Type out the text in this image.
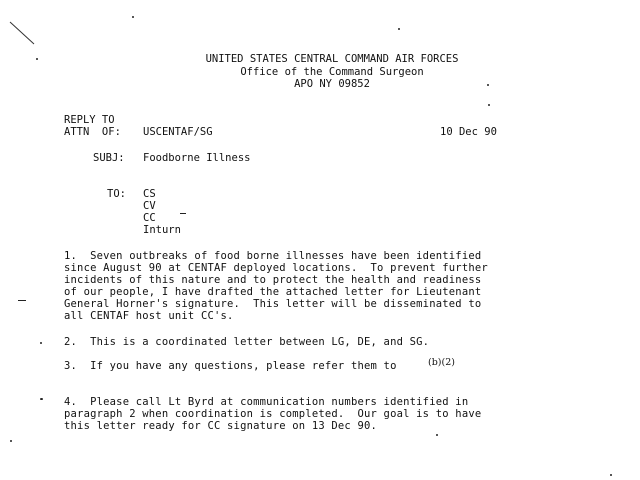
UNITED STATES CENTRAL COMMAND AIR FORCES
Office of the Command Surgeon
APO NY 09852
REPLY TO
ATTN  OF: USCENTAF/SG	10 Dec 90
SUBJ: Foodborne Illness
TO: CS
CV
CC
Inturn
1.  Seven outbreaks of food borne illnesses have been identified
since August 90 at CENTAF deployed locations.  To prevent further
incidents of this nature and to protect the health and readiness
of our people, I have drafted the attached letter for Lieutenant
General Horner's signature.  This letter will be disseminated to
all CENTAF host unit CC's.
2.  This is a coordinated letter between LG, DE, and SG.
3.  If you have any questions, please refer them to	(b)(2)
4.  Please call Lt Byrd at communication numbers identified in
paragraph 2 when coordination is completed.  Our goal is to have
this letter ready for CC signature on 13 Dec 90.
